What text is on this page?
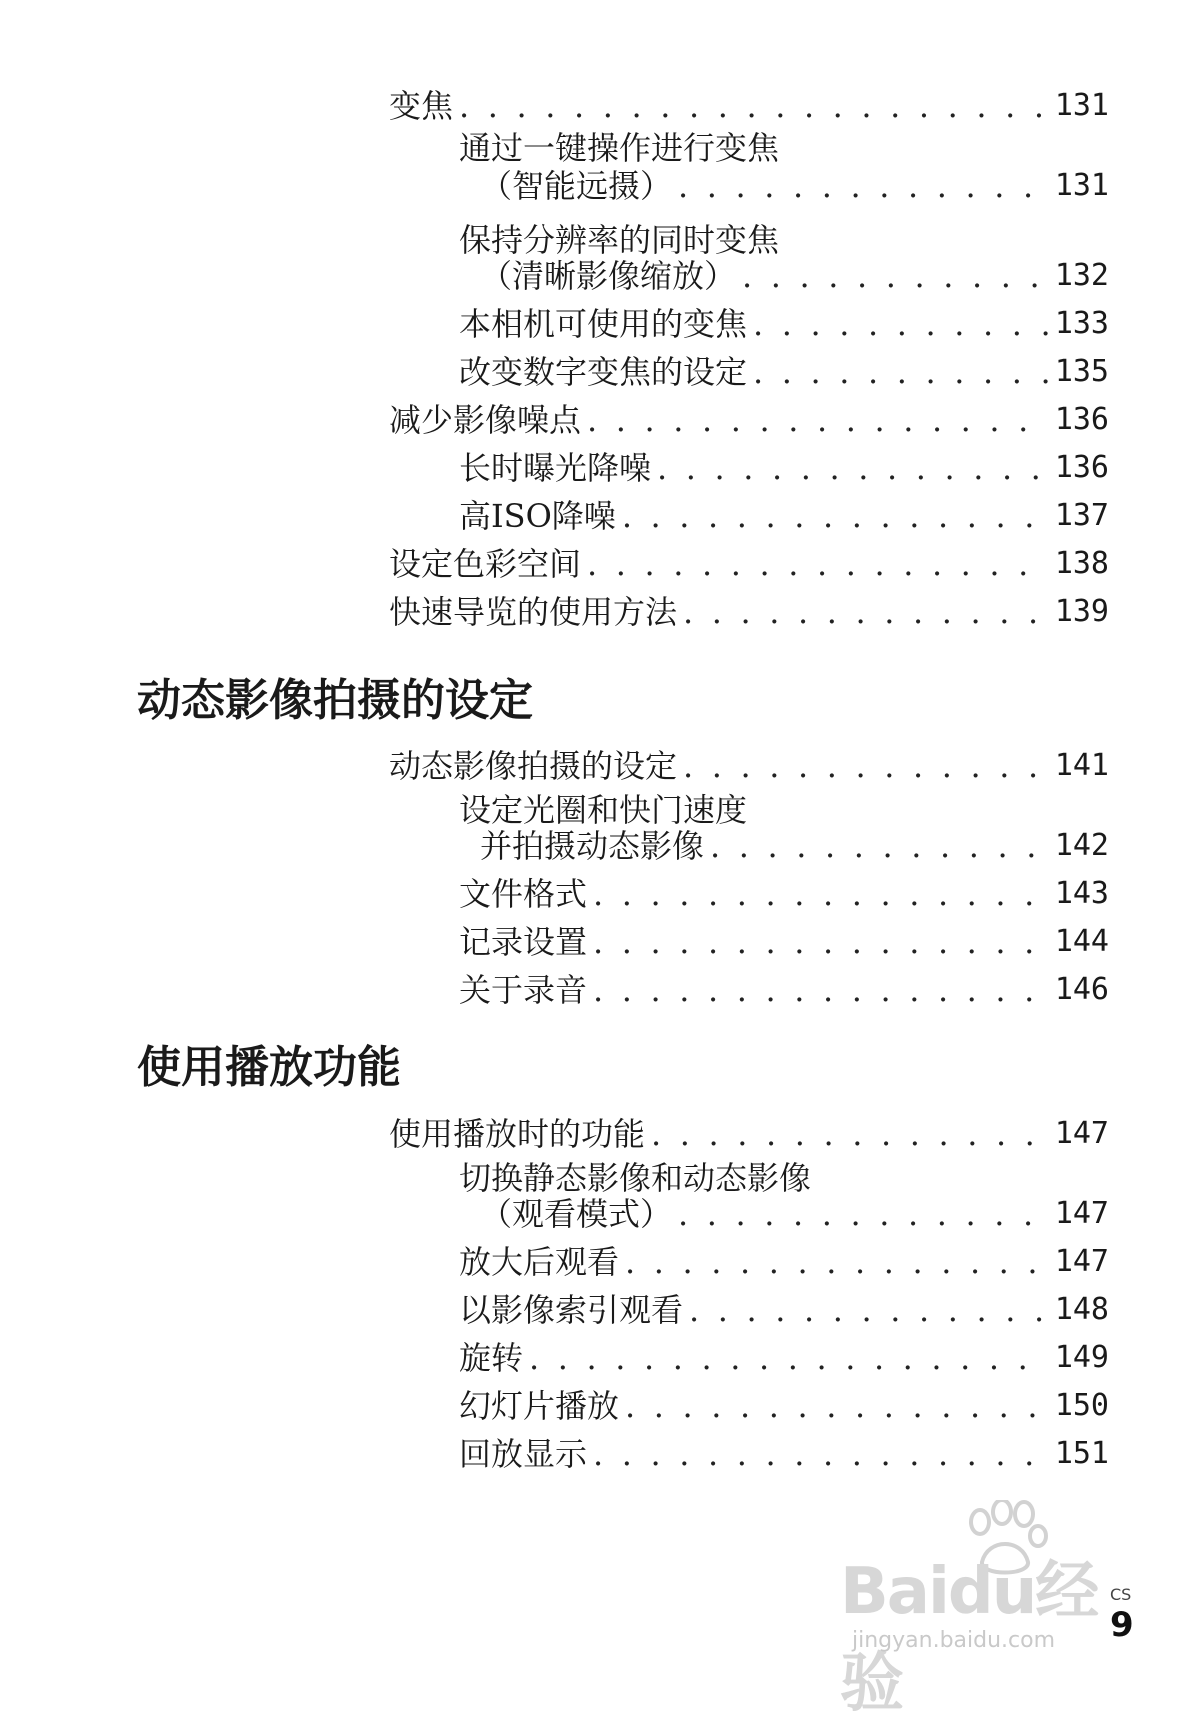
变焦 . . .	131
通过一键操作进行变焦
（智能远摄） . . .	131
保持分辨率的同时变焦
（清晰影像缩放） . . .	132
本相机可使用的变焦 . . .	133
改变数字变焦的设定 . . .	135
减少影像噪点 . . .	136
长时曝光降噪 . . .	136
高ISO降噪 . . .	137
设定色彩空间 . . .	138
快速导览的使用方法 . . .	139
动态影像拍摄的设定
动态影像拍摄的设定 . . .	141
设定光圈和快门速度
并拍摄动态影像 . . .	142
文件格式 . . .	143
记录设置 . . .	144
关于录音 . . .	146
使用播放功能
使用播放时的功能 . . .	147
切换静态影像和动态影像
（观看模式） . . .	147
放大后观看 . . .	147
以影像索引观看 . . .	148
旋转 . . .	149
幻灯片播放 . . .	150
回放显示 . . .	151
Baidu经验
jingyan.baidu.com
CS
9
